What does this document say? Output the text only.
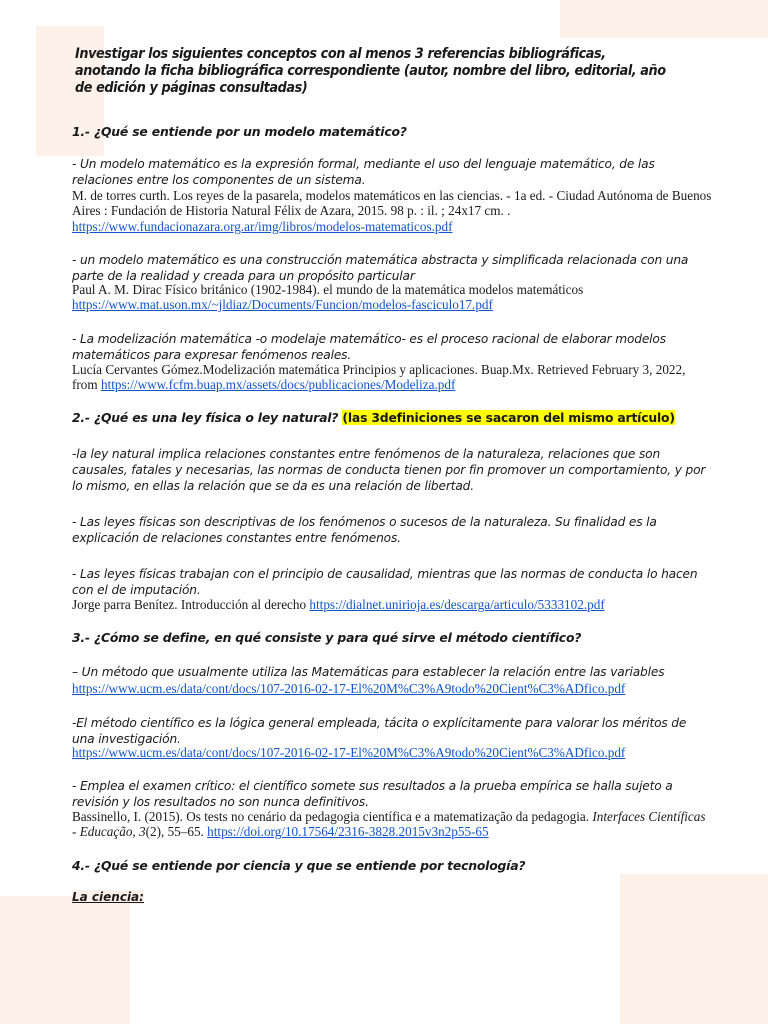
Investigar los siguientes conceptos con al menos 3 referencias bibliográficas, anotando la ficha bibliográfica correspondiente (autor, nombre del libro, editorial, año de edición y páginas consultadas)
1.- ¿Qué se entiende por un modelo matemático?
- Un modelo matemático es la expresión formal, mediante el uso del lenguaje matemático, de las relaciones entre los componentes de un sistema.
M. de torres curth. Los reyes de la pasarela, modelos matemáticos en las ciencias. - 1a ed. - Ciudad Autónoma de Buenos Aires : Fundación de Historia Natural Félix de Azara, 2015. 98 p. : il. ; 24x17 cm. .
https://www.fundacionazara.org.ar/img/libros/modelos-matematicos.pdf
- un modelo matemático es una construcción matemática abstracta y simplificada relacionada con una parte de la realidad y creada para un propósito particular
Paul A. M. Dirac Físico británico (1902-1984). el mundo de la matemática modelos matemáticos
https://www.mat.uson.mx/~jldiaz/Documents/Funcion/modelos-fasciculo17.pdf
- La modelización matemática -o modelaje matemático- es el proceso racional de elaborar modelos matemáticos para expresar fenómenos reales.
Lucía Cervantes Gómez.Modelización matemática Principios y aplicaciones. Buap.Mx. Retrieved February 3, 2022, from https://www.fcfm.buap.mx/assets/docs/publicaciones/Modeliza.pdf
2.- ¿Qué es una ley física o ley natural? (las 3definiciones se sacaron del mismo artículo)
-la ley natural implica relaciones constantes entre fenómenos de la naturaleza, relaciones que son causales, fatales y necesarias, las normas de conducta tienen por fin promover un comportamiento, y por lo mismo, en ellas la relación que se da es una relación de libertad.
- Las leyes físicas son descriptivas de los fenómenos o sucesos de la naturaleza. Su finalidad es la explicación de relaciones constantes entre fenómenos.
- Las leyes físicas trabajan con el principio de causalidad, mientras que las normas de conducta lo hacen con el de imputación.
Jorge parra Benítez. Introducción al derecho https://dialnet.unirioja.es/descarga/articulo/5333102.pdf
3.- ¿Cómo se define, en qué consiste y para qué sirve el método científico?
– Un método que usualmente utiliza las Matemáticas para establecer la relación entre las variables
https://www.ucm.es/data/cont/docs/107-2016-02-17-El%20M%C3%A9todo%20Cient%C3%ADfico.pdf
-El método científico es la lógica general empleada, tácita o explícitamente para valorar los méritos de una investigación.
https://www.ucm.es/data/cont/docs/107-2016-02-17-El%20M%C3%A9todo%20Cient%C3%ADfico.pdf
- Emplea el examen crítico: el científico somete sus resultados a la prueba empírica se halla sujeto a revisión y los resultados no son nunca definitivos.
Bassinello, I. (2015). Os tests no cenário da pedagogia científica e a matematização da pedagogia. Interfaces Científicas - Educação, 3(2), 55–65. https://doi.org/10.17564/2316-3828.2015v3n2p55-65
4.- ¿Qué se entiende por ciencia y que se entiende por tecnología?
La ciencia:
